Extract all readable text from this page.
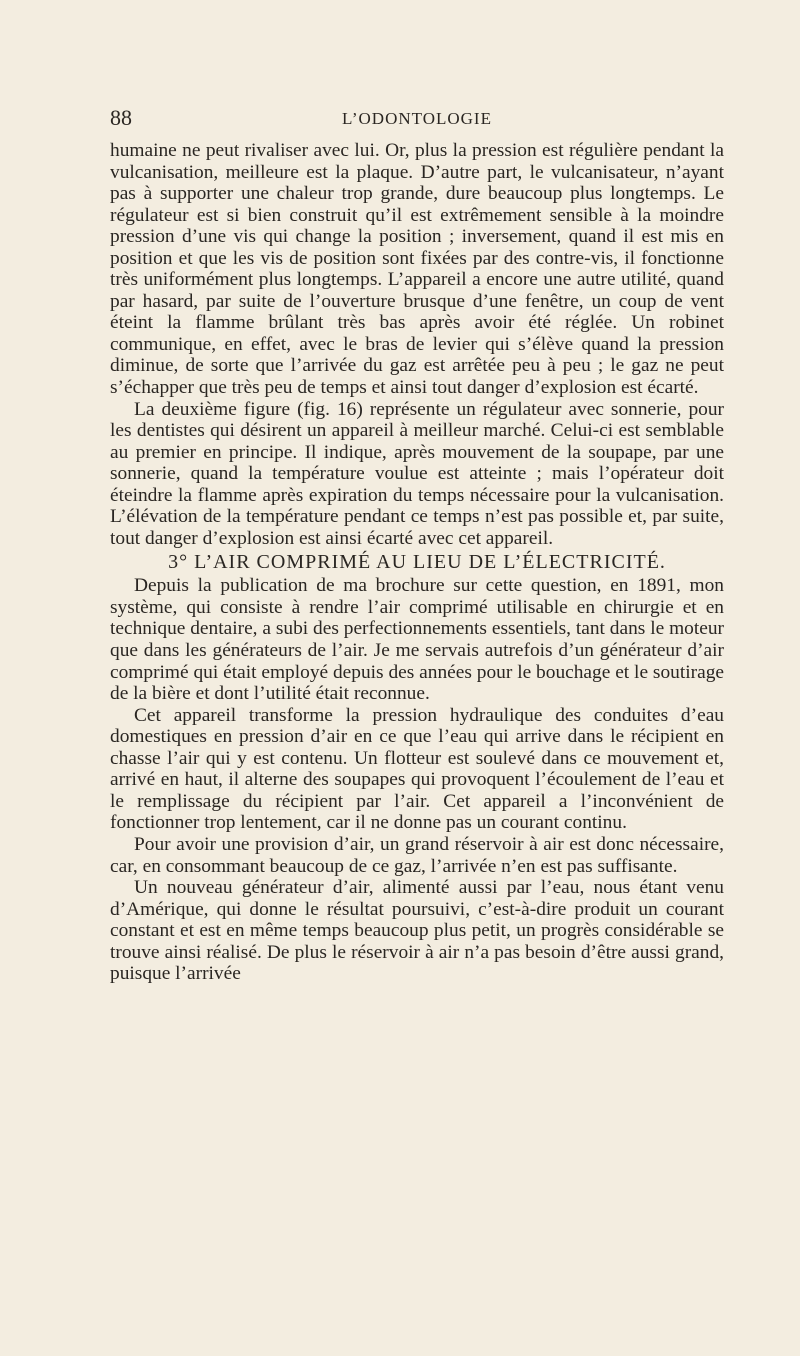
88	L’ODONTOLOGIE

humaine ne peut rivaliser avec lui. Or, plus la pression est régulière pendant la vulcanisation, meilleure est la plaque. D’autre part, le vulcanisateur, n’ayant pas à supporter une chaleur trop grande, dure beaucoup plus longtemps. Le régulateur est si bien construit qu’il est extrêmement sensible à la moindre pression d’une vis qui change la position ; inversement, quand il est mis en position et que les vis de position sont fixées par des contre-vis, il fonctionne très uniformément plus longtemps. L’appareil a encore une autre utilité, quand par hasard, par suite de l’ouverture brusque d’une fenêtre, un coup de vent éteint la flamme brûlant très bas après avoir été réglée. Un robinet communique, en effet, avec le bras de levier qui s’élève quand la pression diminue, de sorte que l’arrivée du gaz est arrêtée peu à peu ; le gaz ne peut s’échapper que très peu de temps et ainsi tout danger d’explosion est écarté.

La deuxième figure (fig. 16) représente un régulateur avec sonnerie, pour les dentistes qui désirent un appareil à meilleur marché. Celui-ci est semblable au premier en principe. Il indique, après mouvement de la soupape, par une sonnerie, quand la température voulue est atteinte ; mais l’opérateur doit éteindre la flamme après expiration du temps nécessaire pour la vulcanisation. L’élévation de la température pendant ce temps n’est pas possible et, par suite, tout danger d’explosion est ainsi écarté avec cet appareil.

3° L’AIR COMPRIMÉ AU LIEU DE L’ÉLECTRICITÉ.

Depuis la publication de ma brochure sur cette question, en 1891, mon système, qui consiste à rendre l’air comprimé utilisable en chirurgie et en technique dentaire, a subi des perfectionnements essentiels, tant dans le moteur que dans les générateurs de l’air. Je me servais autrefois d’un générateur d’air comprimé qui était employé depuis des années pour le bouchage et le soutirage de la bière et dont l’utilité était reconnue.

Cet appareil transforme la pression hydraulique des conduites d’eau domestiques en pression d’air en ce que l’eau qui arrive dans le récipient en chasse l’air qui y est contenu. Un flotteur est soulevé dans ce mouvement et, arrivé en haut, il alterne des soupapes qui provoquent l’écoulement de l’eau et le remplissage du récipient par l’air. Cet appareil a l’inconvénient de fonctionner trop lentement, car il ne donne pas un courant continu.

Pour avoir une provision d’air, un grand réservoir à air est donc nécessaire, car, en consommant beaucoup de ce gaz, l’arrivée n’en est pas suffisante.

Un nouveau générateur d’air, alimenté aussi par l’eau, nous étant venu d’Amérique, qui donne le résultat poursuivi, c’est-à-dire produit un courant constant et est en même temps beaucoup plus petit, un progrès considérable se trouve ainsi réalisé. De plus le réservoir à air n’a pas besoin d’être aussi grand, puisque l’arrivée
